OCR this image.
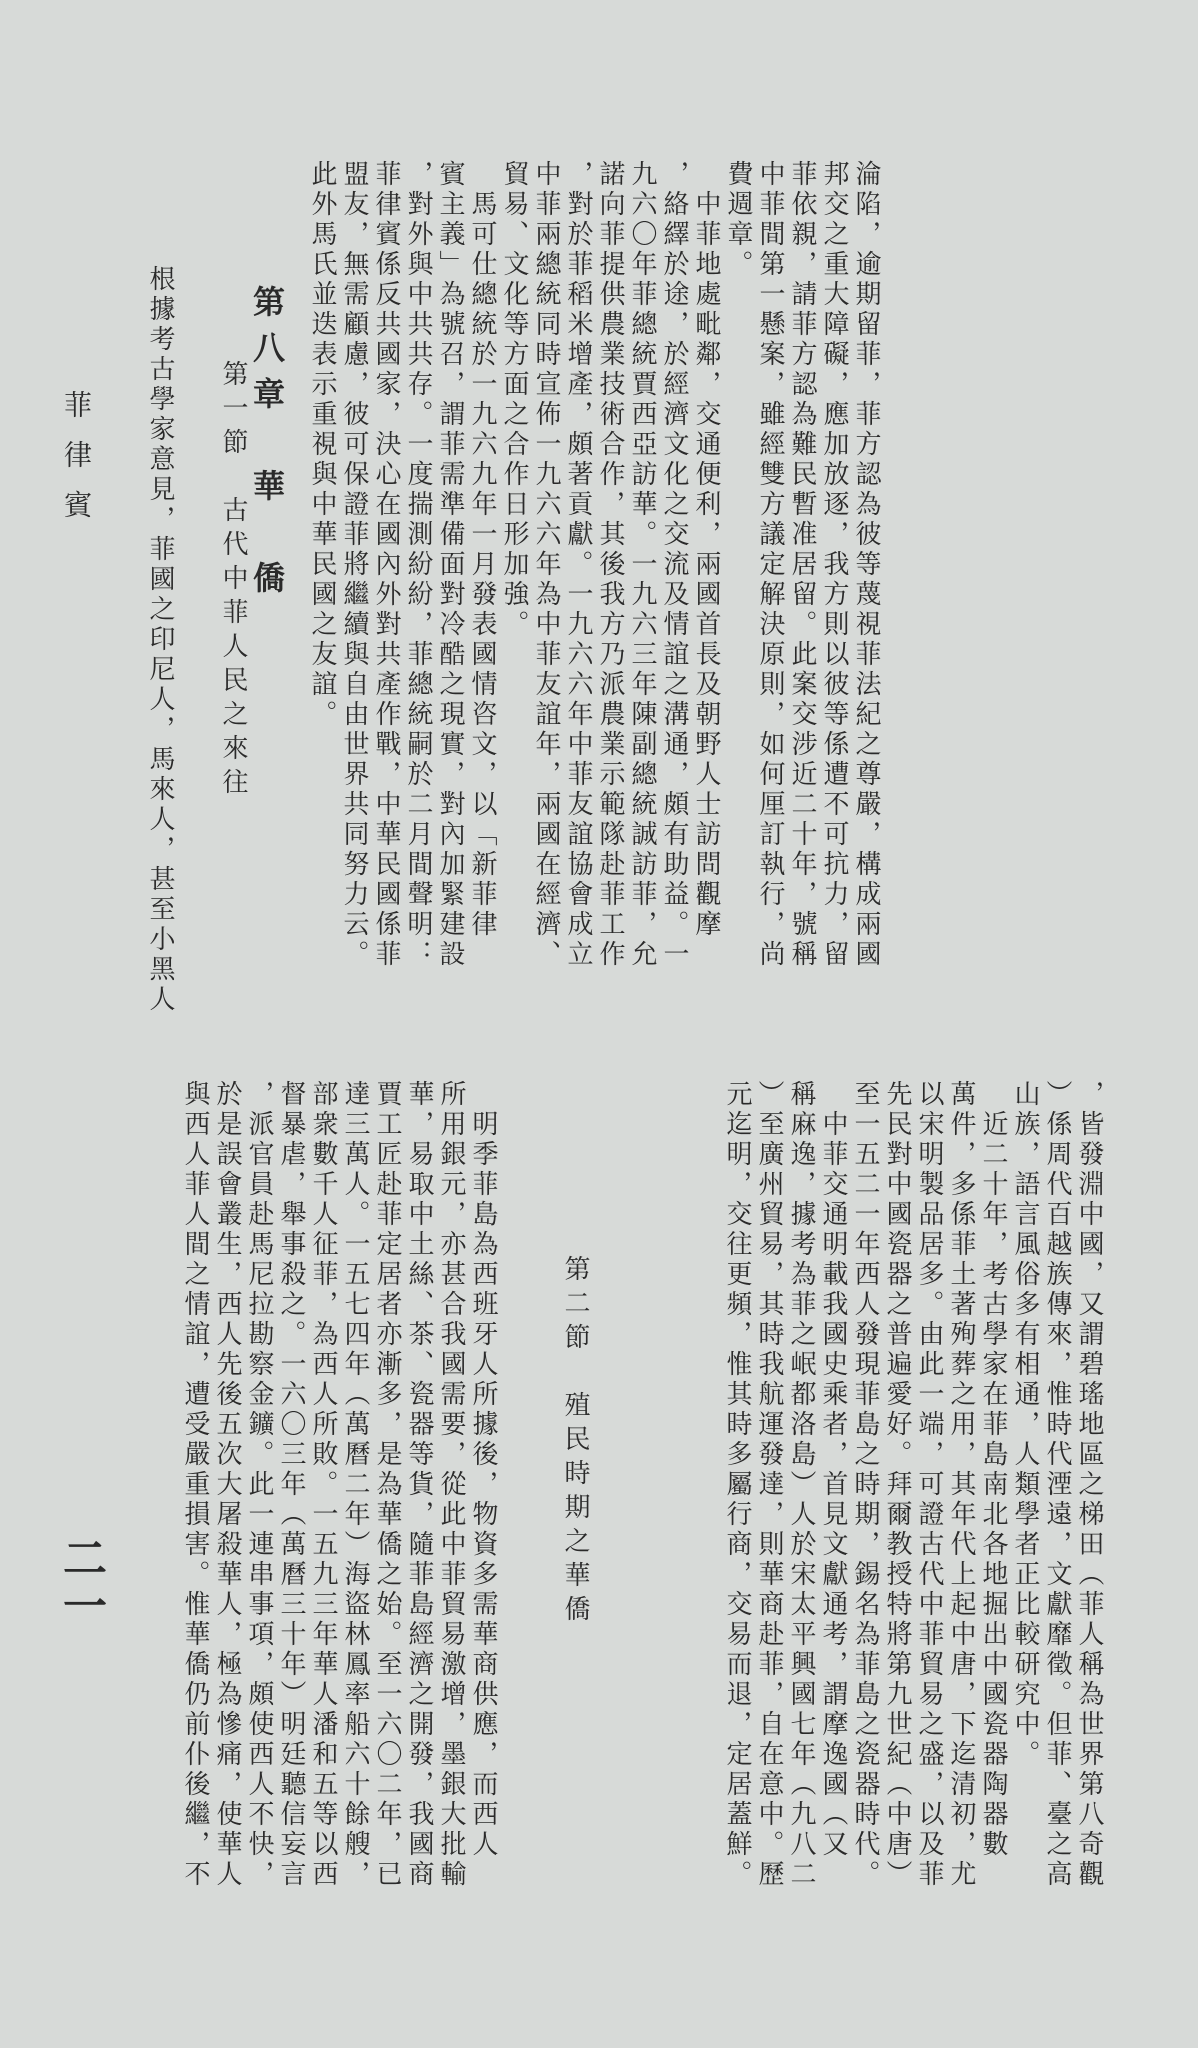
淪陷，逾期留菲，菲方認為彼等蔑視菲法紀之尊嚴，構成兩國
邦交之重大障礙，應加放逐，我方則以彼等係遭不可抗力，留
菲依親，請菲方認為難民暫准居留。此案交涉近二十年，號稱
中菲間第一懸案，雖經雙方議定解決原則，如何厘訂執行，尚
費週章。
中菲地處毗鄰，交通便利，兩國首長及朝野人士訪問觀摩
，絡繹於途，於經濟文化之交流及情誼之溝通，頗有助益。一
九六〇年菲總統賈西亞訪華。一九六三年陳副總統誠訪菲，允
諾向菲提供農業技術合作，其後我方乃派農業示範隊赴菲工作
，對於菲稻米增產，頗著貢獻。一九六六年中菲友誼協會成立
中菲兩總統同時宣佈一九六六年為中菲友誼年，兩國在經濟、
貿易、文化等方面之合作日形加強。
馬可仕總統於一九六九年一月發表國情咨文，以「新菲律
賓主義」為號召，謂菲需準備面對冷酷之現實，對內加緊建設
，對外與中共共存。一度揣測紛紛，菲總統嗣於二月間聲明：
菲律賓係反共國家，決心在國內外對共產作戰，中華民國係菲
盟友，無需顧慮，彼可保證菲將繼續與自由世界共同努力云。
此外馬氏並迭表示重視與中華民國之友誼。
第八章　華　僑
第一節　古代中菲人民之來往
根據考古學家意見，菲國之印尼人，馬來人，甚至小黑人
菲律賓
，皆發淵中國，又謂碧瑤地區之梯田（菲人稱為世界第八奇觀
）係周代百越族傳來，惟時代湮遠，文獻靡徵。但菲、臺之高
山族，語言風俗多有相通，人類學者正比較研究中。
近二十年，考古學家在菲島南北各地掘出中國瓷器陶器數
萬件，多係菲土著殉葬之用，其年代上起中唐，下迄清初，尤
以宋明製品居多。由此一端，可證古代中菲貿易之盛，以及菲
先民對中國瓷器之普遍愛好。拜爾教授特將第九世紀（中唐）
至一五二一年西人發現菲島之時期，錫名為菲島之瓷器時代。
中菲交通明載我國史乘者，首見文獻通考，謂摩逸國（又
稱麻逸，據考為菲之岷都洛島）人於宋太平興國七年（九八二
）至廣州貿易，其時我航運發達，則華商赴菲，自在意中。歷
元迄明，交往更頻，惟其時多屬行商，交易而退，定居蓋鮮。
第二節　殖民時期之華僑
明季菲島為西班牙人所據後，物資多需華商供應，而西人
所用銀元，亦甚合我國需要，從此中菲貿易激增，墨銀大批輸
華，易取中土絲、茶、瓷器等貨，隨菲島經濟之開發，我國商
賈工匠赴菲定居者亦漸多，是為華僑之始。至一六〇二年，已
達三萬人。一五七四年（萬曆二年）海盜林鳳率船六十餘艘，
部衆數千人征菲，為西人所敗。一五九三年華人潘和五等以西
督暴虐，舉事殺之。一六〇三年（萬曆三十年）明廷聽信妄言
，派官員赴馬尼拉勘察金鑛。此一連串事項，頗使西人不快，
於是誤會叢生，西人先後五次大屠殺華人，極為慘痛，使華人
與西人菲人間之情誼，遭受嚴重損害。惟華僑仍前仆後繼，不
二一
